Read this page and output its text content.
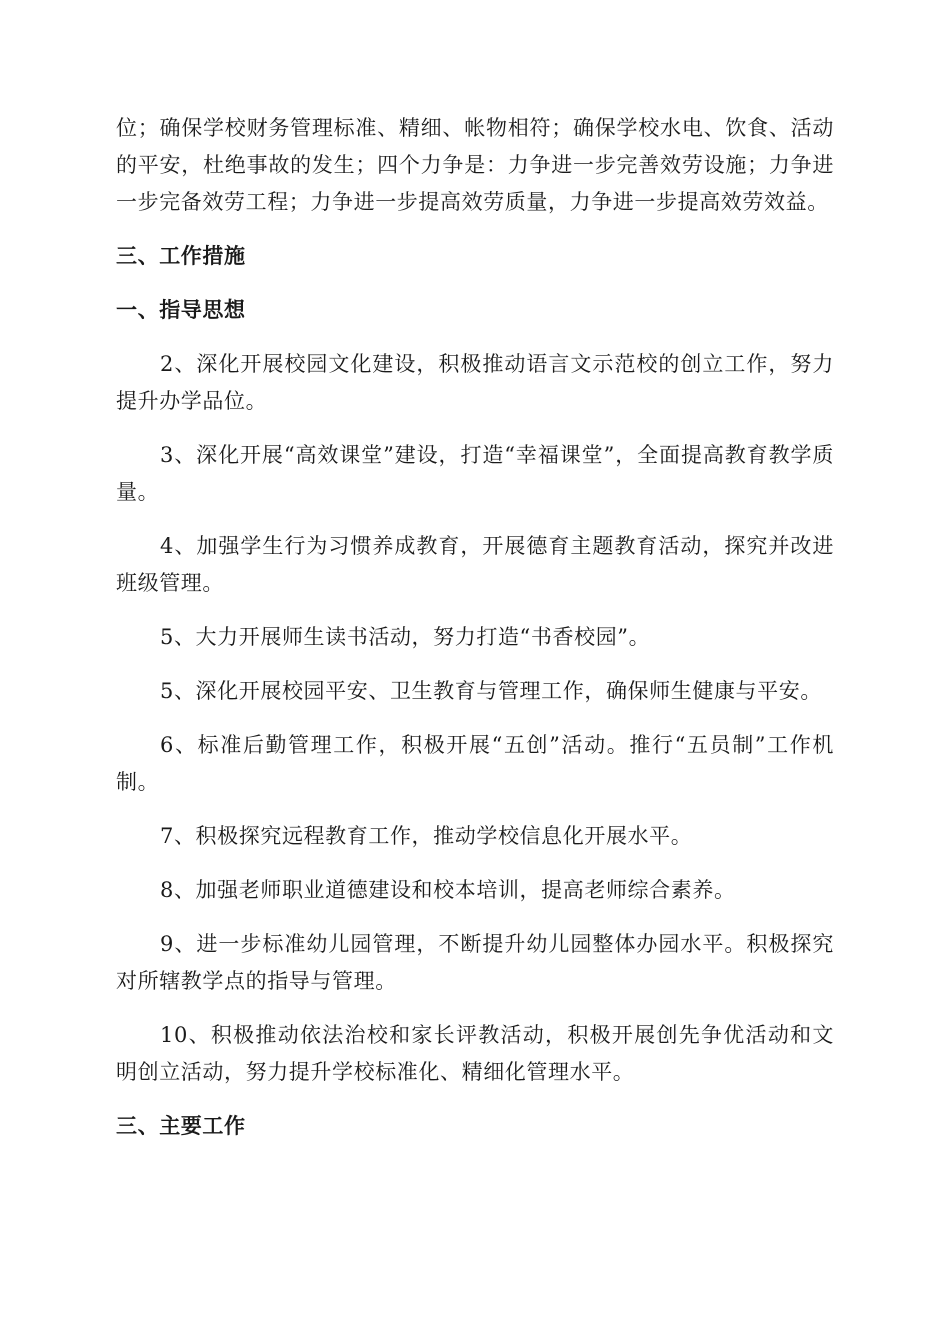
位；确保学校财务管理标准、精细、帐物相符；确保学校水电、饮食、活动的平安，杜绝事故的发生；四个力争是：力争进一步完善效劳设施；力争进一步完备效劳工程；力争进一步提高效劳质量，力争进一步提高效劳效益。

三、工作措施
一、指导思想

2、深化开展校园文化建设，积极推动语言文示范校的创立工作，努力提升办学品位。

3、深化开展“高效课堂”建设，打造“幸福课堂”，全面提高教育教学质量。

4、加强学生行为习惯养成教育，开展德育主题教育活动，探究并改进班级管理。

5、大力开展师生读书活动，努力打造“书香校园”。

5、深化开展校园平安、卫生教育与管理工作，确保师生健康与平安。

6、标准后勤管理工作，积极开展“五创”活动。推行“五员制”工作机制。

7、积极探究远程教育工作，推动学校信息化开展水平。

8、加强老师职业道德建设和校本培训，提高老师综合素养。

9、进一步标准幼儿园管理，不断提升幼儿园整体办园水平。积极探究对所辖教学点的指导与管理。

10、积极推动依法治校和家长评教活动，积极开展创先争优活动和文明创立活动，努力提升学校标准化、精细化管理水平。

三、主要工作
